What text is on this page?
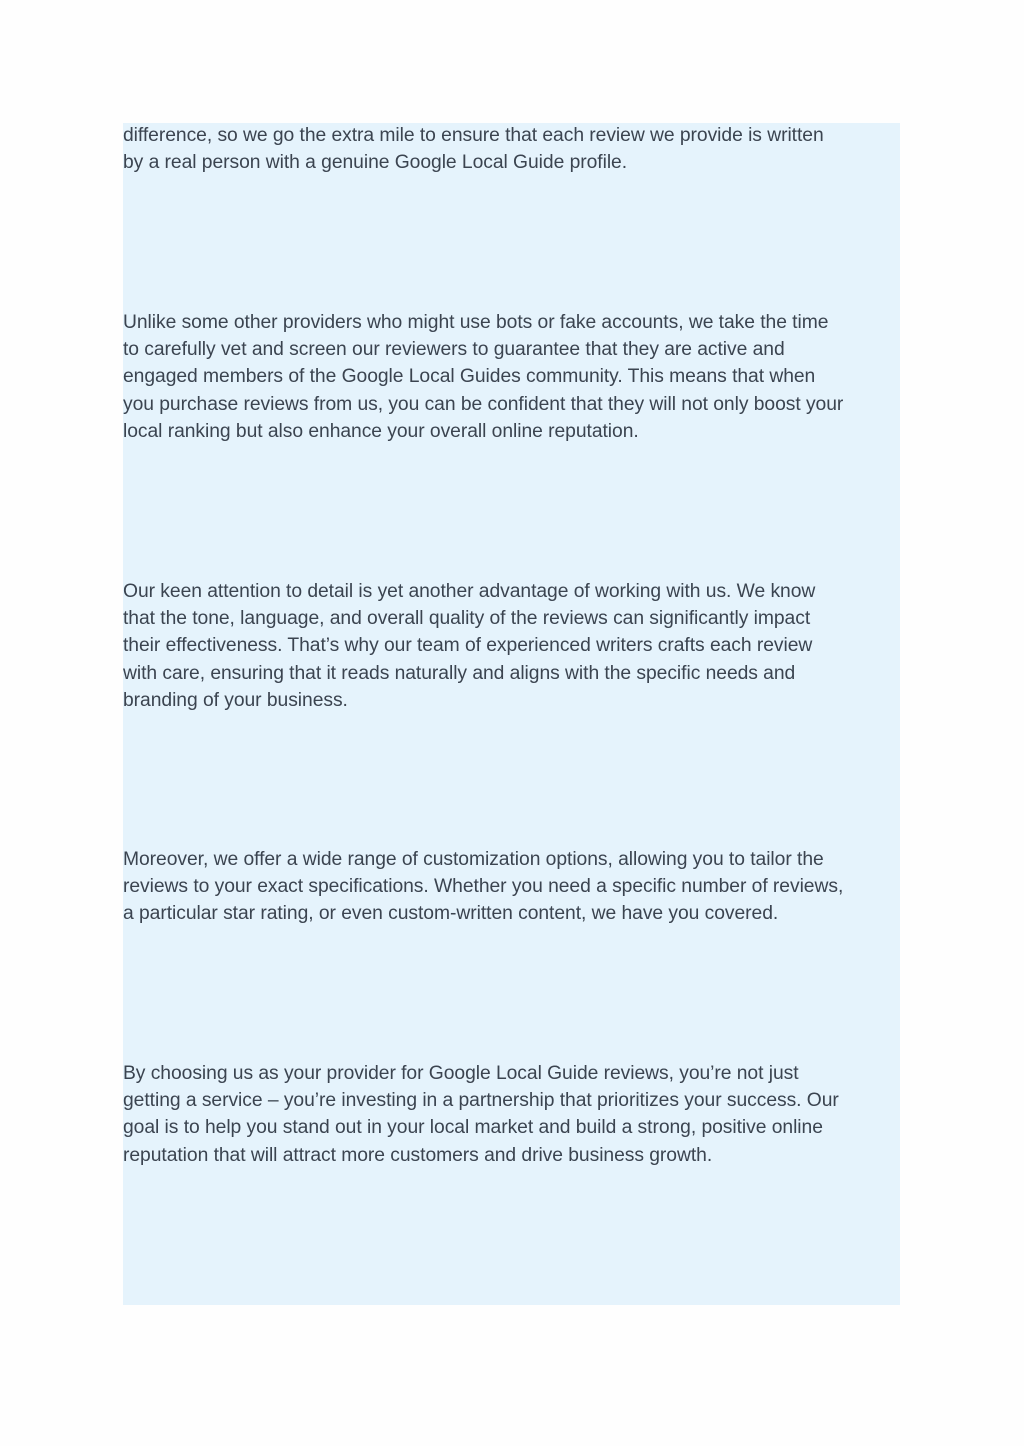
difference, so we go the extra mile to ensure that each review we provide is written
by a real person with a genuine Google Local Guide profile.

Unlike some other providers who might use bots or fake accounts, we take the time
to carefully vet and screen our reviewers to guarantee that they are active and
engaged members of the Google Local Guides community. This means that when
you purchase reviews from us, you can be confident that they will not only boost your
local ranking but also enhance your overall online reputation.

Our keen attention to detail is yet another advantage of working with us. We know
that the tone, language, and overall quality of the reviews can significantly impact
their effectiveness. That’s why our team of experienced writers crafts each review
with care, ensuring that it reads naturally and aligns with the specific needs and
branding of your business.

Moreover, we offer a wide range of customization options, allowing you to tailor the
reviews to your exact specifications. Whether you need a specific number of reviews,
a particular star rating, or even custom-written content, we have you covered.

By choosing us as your provider for Google Local Guide reviews, you’re not just
getting a service – you’re investing in a partnership that prioritizes your success. Our
goal is to help you stand out in your local market and build a strong, positive online
reputation that will attract more customers and drive business growth.
